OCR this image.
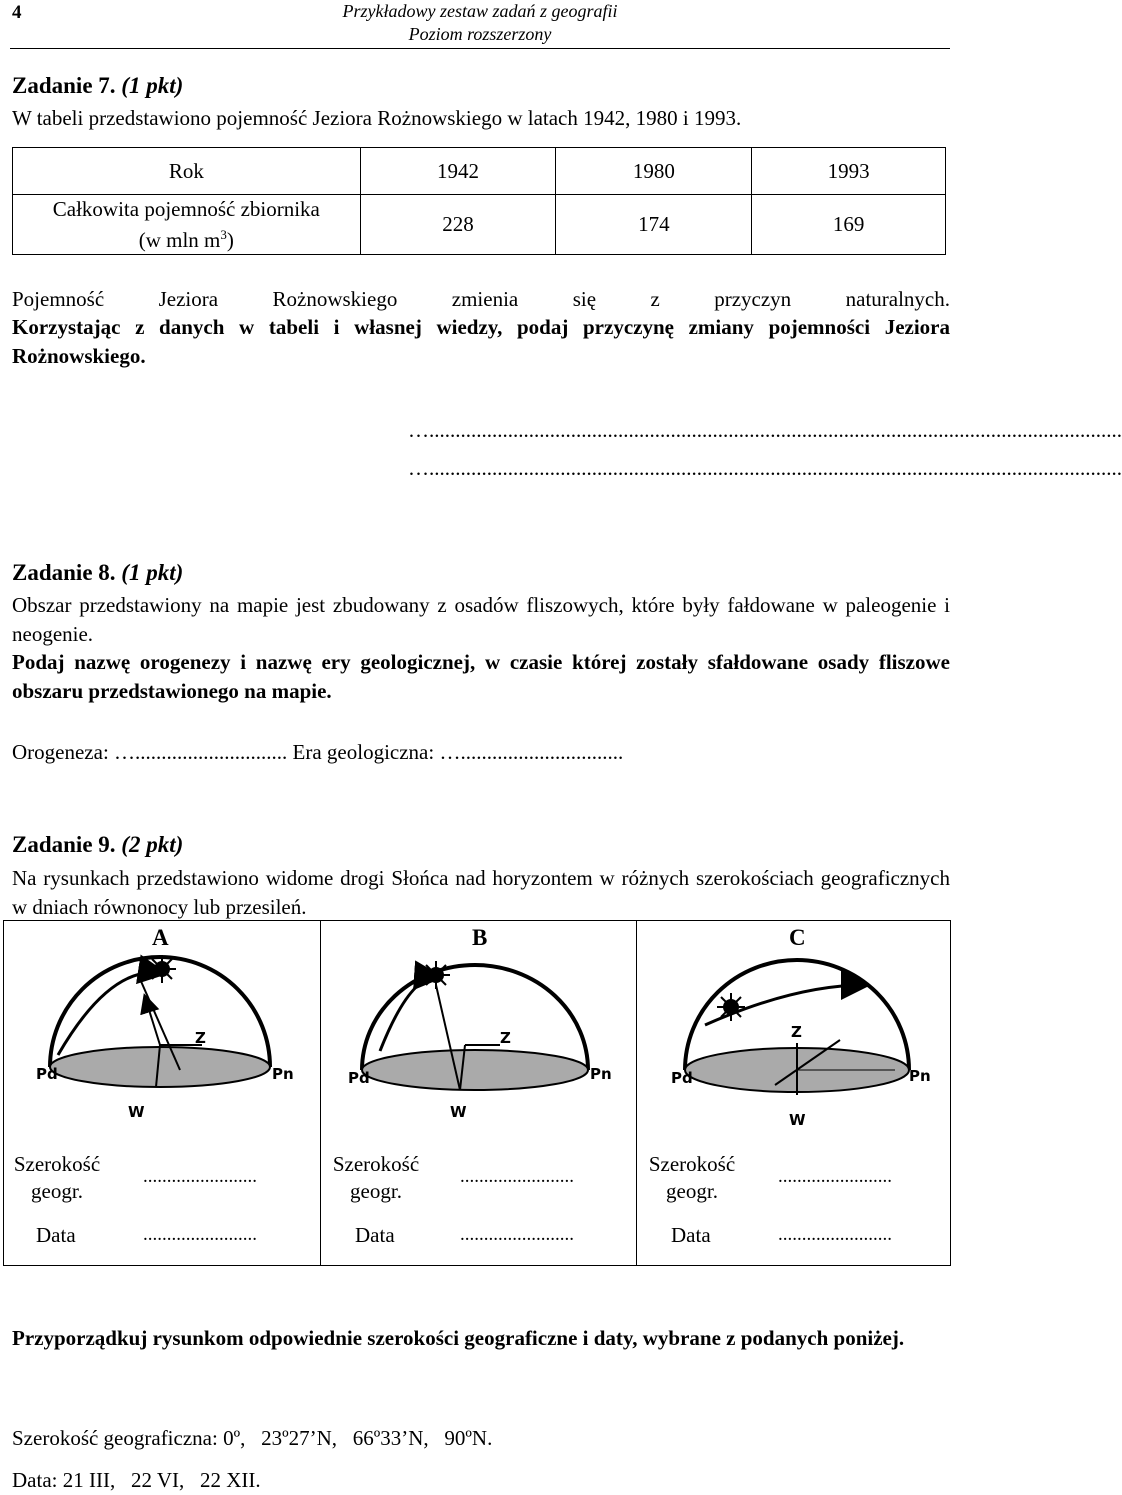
4	Przykładowy zestaw zadań z geografii
Poziom rozszerzony
Zadanie 7. (1 pkt)
W tabeli przedstawiono pojemność Jeziora Rożnowskiego w latach 1942, 1980 i 1993.
Rok	1942	1980	1993
Całkowita pojemność zbiornika
(w mln $m^3$)	228	174	169
Pojemność Jeziora Rożnowskiego zmienia się z przyczyn naturalnych.
Korzystając z danych w tabeli i własnej wiedzy, podaj przyczynę zmiany pojemności Jeziora Rożnowskiego.
…....................................................................................................................................
…....................................................................................................................................
Zadanie 8. (1 pkt)
Obszar przedstawiony na mapie jest zbudowany z osadów fliszowych, które były fałdowane w paleogenie i neogenie.
Podaj nazwę orogenezy i nazwę ery geologicznej, w czasie której zostały sfałdowane osady fliszowe obszaru przedstawionego na mapie.
Orogeneza: …............................. Era geologiczna: …...............................
Zadanie 9. (2 pkt)
Na rysunkach przedstawiono widome drogi Słońca nad horyzontem w różnych szerokościach geograficznych w dniach równonocy lub przesileń.
A	B	C
Z
Pd	Pn
W
Z
Pd	Pn
W
Z
Pd	Pn
W
Szerokość
geogr.
........................
Data	........................
Szerokość
geogr.
........................
Data	........................
Szerokość
geogr.
........................
Data	........................
Przyporządkuj rysunkom odpowiednie szerokości geograficzne i daty, wybrane z podanych poniżej.
Szerokość geograficzna: 0º,   23º27’N,   66º33’N,   90ºN.
Data: 21 III,   22 VI,   22 XII.
